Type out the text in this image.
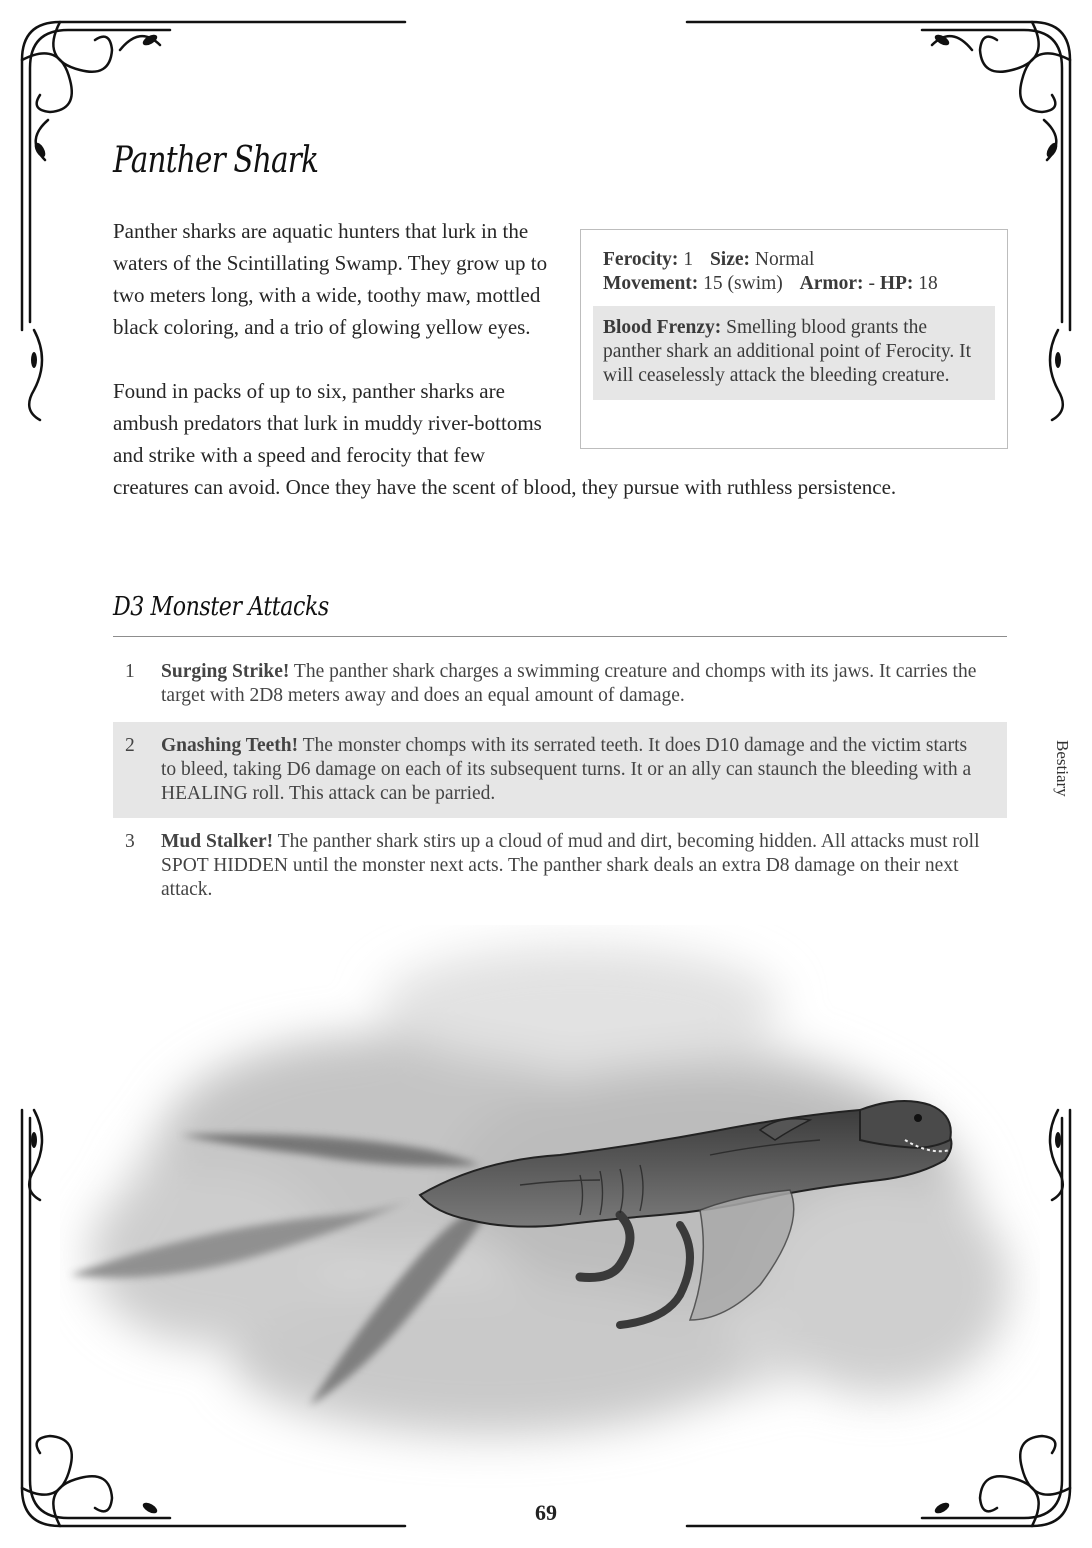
Panther Shark
Ferocity: 1 Size: Normal
Movement: 15 (swim) Armor: - HP: 18
Blood Frenzy: Smelling blood grants the panther shark an additional point of Ferocity. It will ceaselessly attack the bleeding creature.

Panther sharks are aquatic hunters that lurk in the waters of the Scintillating Swamp. They grow up to two meters long, with a wide, toothy maw, mottled black coloring, and a trio of glowing yellow eyes.

Found in packs of up to six, panther sharks are ambush predators that lurk in muddy river-bottoms and strike with a speed and ferocity that few creatures can avoid. Once they have the scent of blood, they pursue with ruthless persistence.

D3 Monster Attacks
1	Surging Strike! The panther shark charges a swimming creature and chomps with its jaws. It carries the target with 2D8 meters away and does an equal amount of damage.
2	Gnashing Teeth! The monster chomps with its serrated teeth. It does D10 damage and the victim starts to bleed, taking D6 damage on each of its subsequent turns. It or an ally can staunch the bleeding with a HEALING roll. This attack can be parried.
3	Mud Stalker! The panther shark stirs up a cloud of mud and dirt, becoming hidden. All attacks must roll SPOT HIDDEN until the monster next acts. The panther shark deals an extra D8 damage on their next attack.
Bestiary
69
